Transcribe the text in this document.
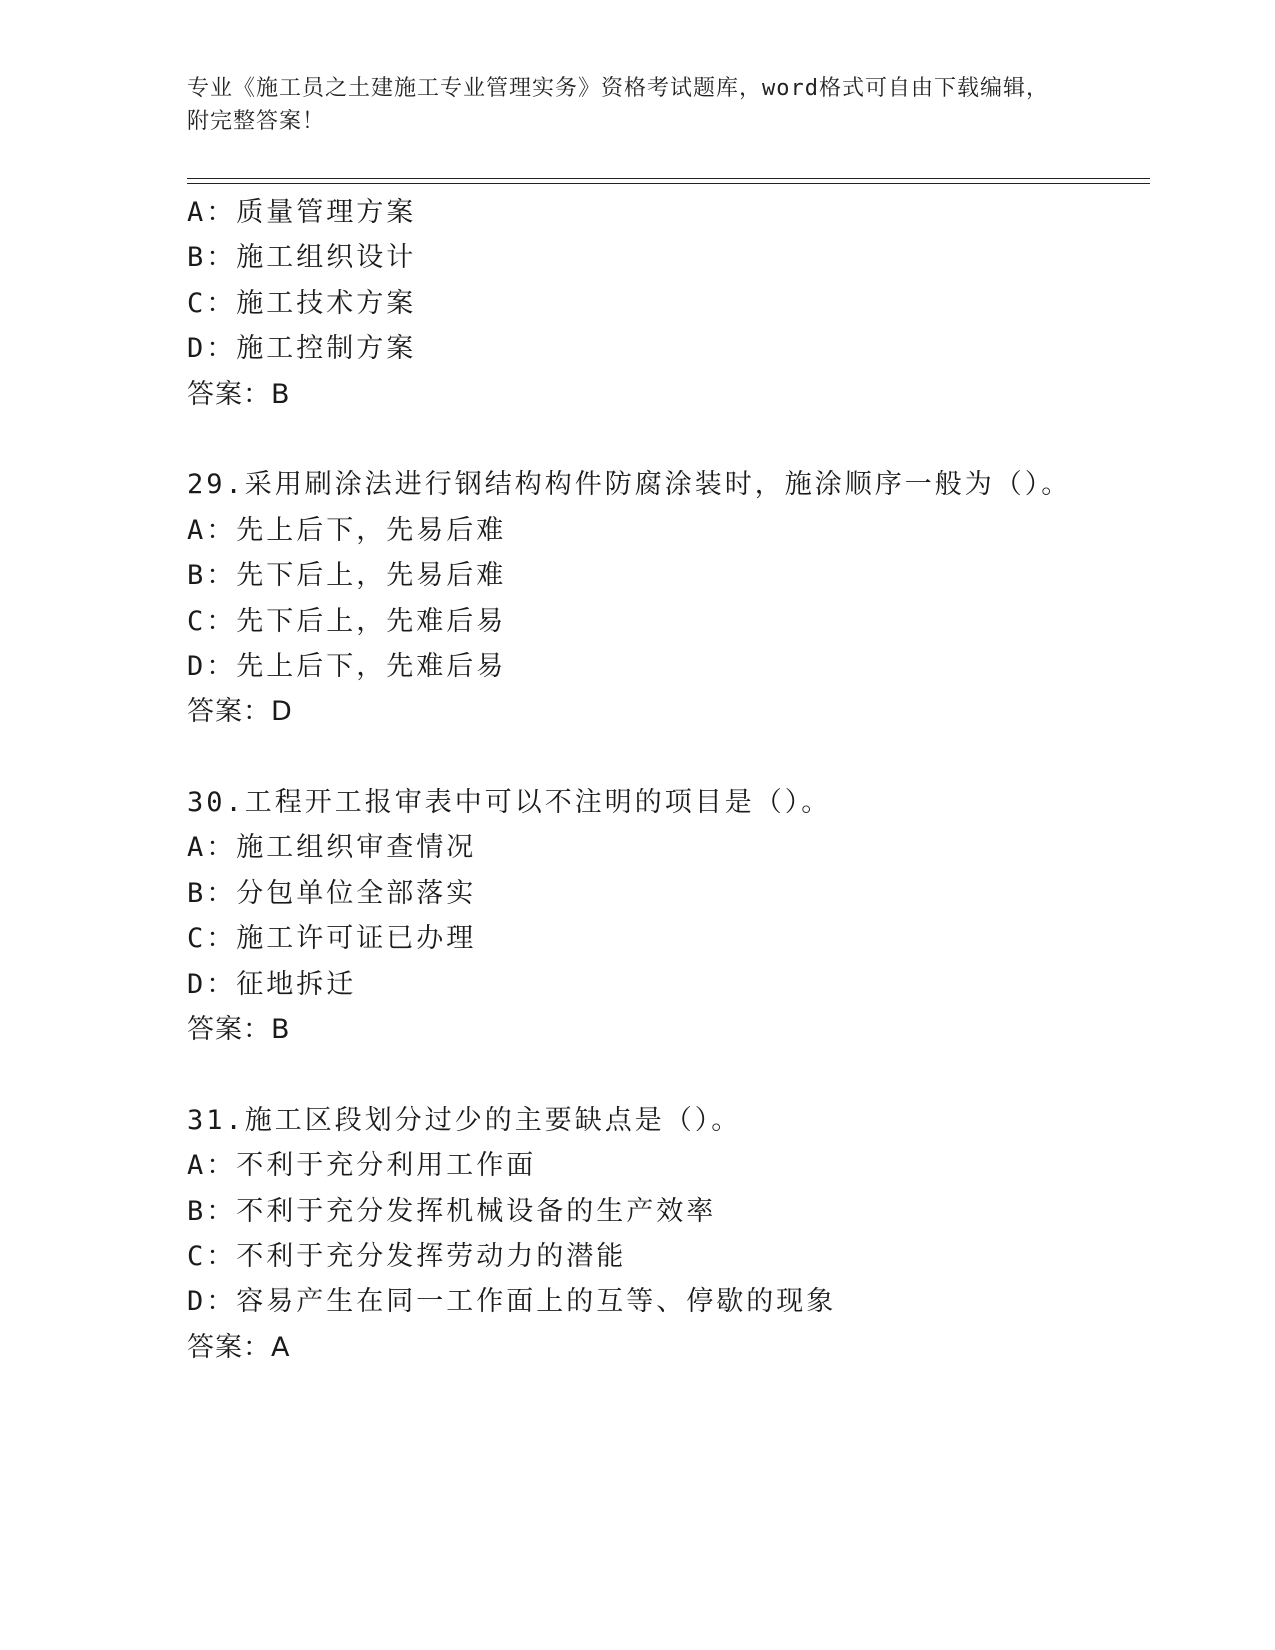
专业《施工员之土建施工专业管理实务》资格考试题库，word格式可自由下载编辑，附完整答案！
A：质量管理方案
B：施工组织设计
C：施工技术方案
D：施工控制方案
答案：B
29.采用刷涂法进行钢结构构件防腐涂装时，施涂顺序一般为（）。
A：先上后下，先易后难
B：先下后上，先易后难
C：先下后上，先难后易
D：先上后下，先难后易
答案：D
30.工程开工报审表中可以不注明的项目是（）。
A：施工组织审查情况
B：分包单位全部落实
C：施工许可证已办理
D：征地拆迁
答案：B
31.施工区段划分过少的主要缺点是（）。
A：不利于充分利用工作面
B：不利于充分发挥机械设备的生产效率
C：不利于充分发挥劳动力的潜能
D：容易产生在同一工作面上的互等、停歇的现象
答案：A
